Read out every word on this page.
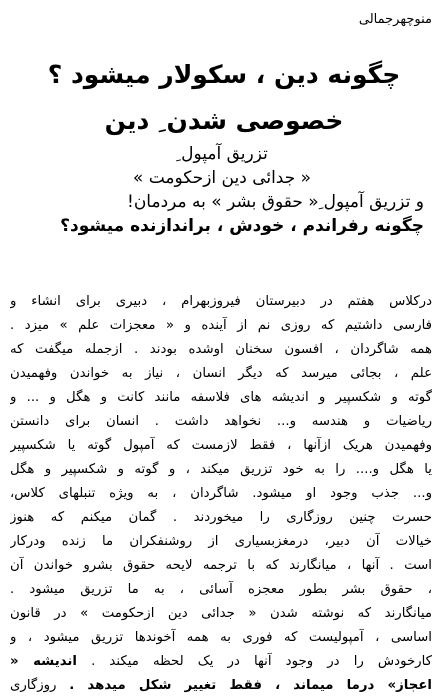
منوچهرجمالی
چگونه دین ، سکولار میشود ؟
خصوصی شدن ِ دین
تزریق آمپول ِ
« جدائی دین ازحکومت »
و تزریق آمپول ِ« حقوق بشر » به مردمان!
چگونه رفراندم ، خودش ، براندازنده میشود؟
درکلاس هفتم در دبیرستان فیروزبهرام ، دبیری برای انشاء و
فارسی داشتیم که روزی نم از آینده و « معجزات علم » میزد .
همه شاگردان ، افسون سخنان اوشده بودند . ازجمله میگفت که
علم ، بجائی میرسد که دیگر انسان ، نیاز به خواندن وفهمیدن
گوته و شکسپیر و اندیشه های فلاسفه مانند کانت و هگل و ... و
ریاضیات و هندسه و... نخواهد داشت . انسان برای دانستن
وفهمیدن هریک ازآنها ، فقط لازمست که آمپول گوته یا شکسپیر
یا هگل و.... را به خود تزریق میکند ، و گوته و شکسپیر و هگل
و... جذب وجود او میشود. شاگردان ، به ویژه تنبلهای کلاس،
حسرت چنین روزگاری را میخوردند . گمان میکنم که هنوز
خیالات آن دبیر، درمغزبسیاری از روشنفکران ما زنده ودرکار
است . آنها ، میانگارند که با ترجمه لایحه حقوق بشرو خواندن آن
، حقوق بشر بطور معجزه آسائی ، به ما تزریق میشود .
میانگارند که نوشته شدن « جدائی دین ازحکومت » در قانون
اساسی ، آمپولیست که فوری به همه آخوندها تزریق میشود ، و
کارخودش را در وجود آنها در یک لحظه میکند . اندیشه «
اعجاز» درما میماند ، فقط تغییر شکل میدهد . روزگاری
